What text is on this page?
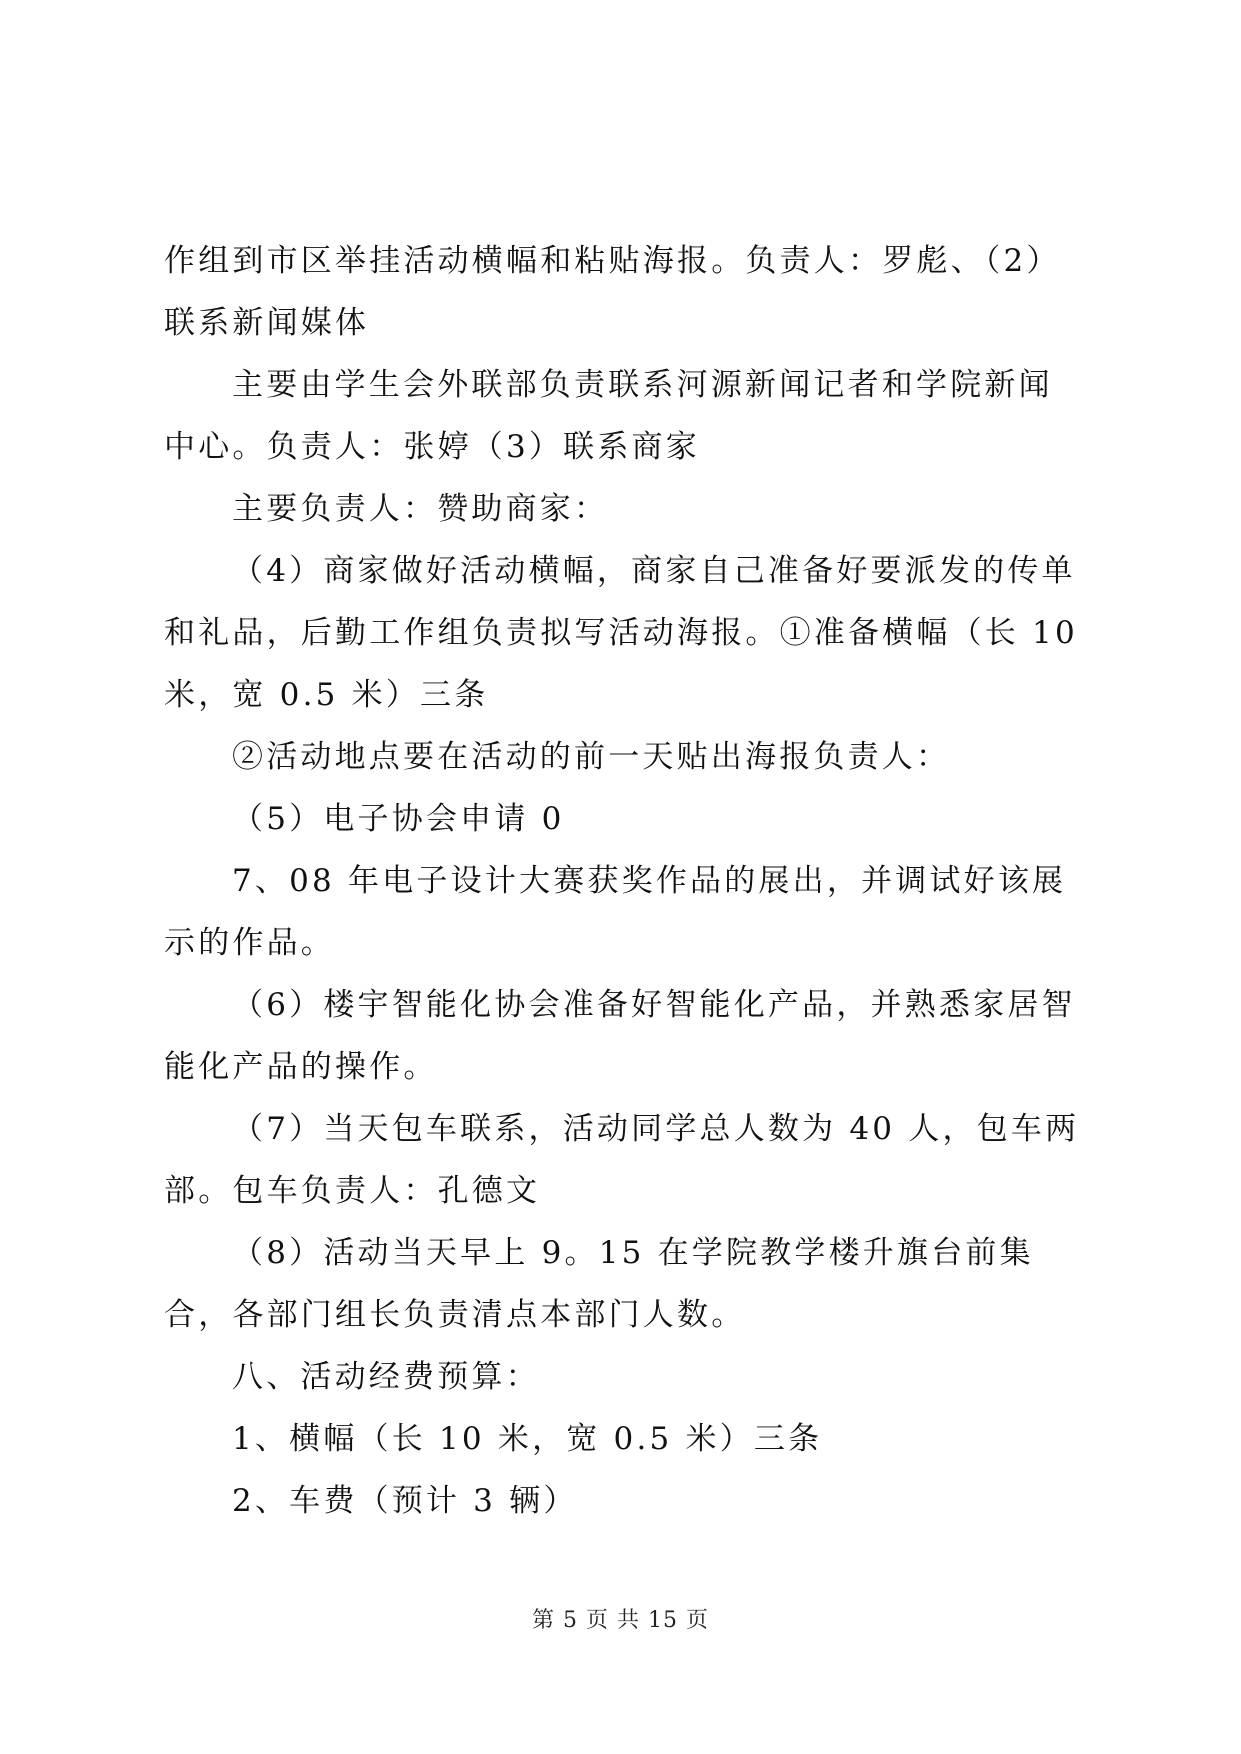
作组到市区举挂活动横幅和粘贴海报。负责人：罗彪、（2）联系新闻媒体

主要由学生会外联部负责联系河源新闻记者和学院新闻中心。负责人：张婷（3）联系商家

主要负责人：赞助商家：

（4）商家做好活动横幅，商家自己准备好要派发的传单和礼品，后勤工作组负责拟写活动海报。①准备横幅（长 10 米，宽 0.5 米）三条

②活动地点要在活动的前一天贴出海报负责人：

（5）电子协会申请 0

7、08 年电子设计大赛获奖作品的展出，并调试好该展示的作品。

（6）楼宇智能化协会准备好智能化产品，并熟悉家居智能化产品的操作。

（7）当天包车联系，活动同学总人数为 40 人，包车两部。包车负责人：孔德文

（8）活动当天早上 9。15 在学院教学楼升旗台前集合，各部门组长负责清点本部门人数。

八、活动经费预算：

1、横幅（长 10 米，宽 0.5 米）三条

2、车费（预计 3 辆）

第 5 页 共 15 页
